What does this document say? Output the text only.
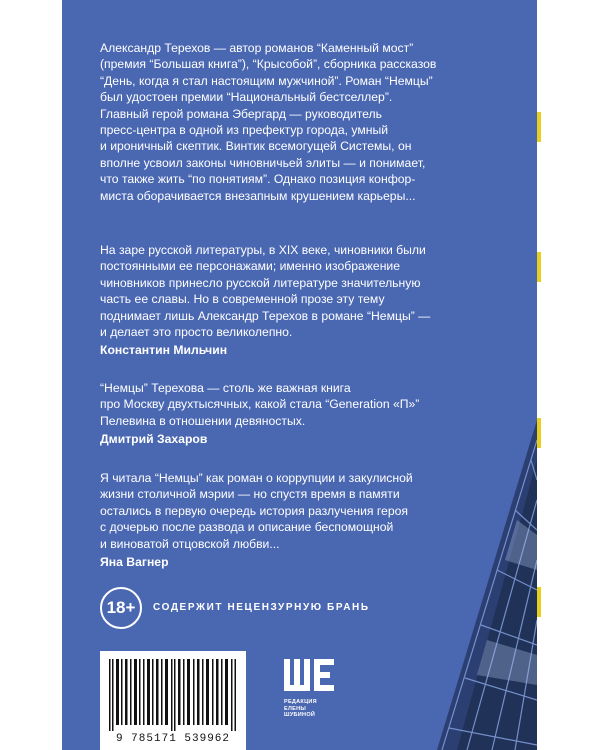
Александр Терехов — автор романов “Каменный мост”
(премия “Большая книга”), “Крысобой”, сборника рассказов
“День, когда я стал настоящим мужчиной”. Роман “Немцы”
был удостоен премии “Национальный бестселлер”.
Главный герой романа Эбергард — руководитель
пресс-центра в одной из префектур города, умный
и ироничный скептик. Винтик всемогущей Системы, он
вполне усвоил законы чиновничьей элиты — и понимает,
что также жить “по понятиям”. Однако позиция конфор-
миста оборачивается внезапным крушением карьеры...

На заре русской литературы, в XIX веке, чиновники были
постоянными ее персонажами; именно изображение
чиновников принесло русской литературе значительную
часть ее славы. Но в современной прозе эту тему
поднимает лишь Александр Терехов в романе “Немцы” —
и делает это просто великолепно.

Константин Мильчин

“Немцы” Терехова — столь же важная книга
про Москву двухтысячных, какой стала “Generation «П»”
Пелевина в отношении девяностых.

Дмитрий Захаров

Я читала “Немцы” как роман о коррупции и закулисной
жизни столичной мэрии — но спустя время в памяти
остались в первую очередь история разлучения героя
с дочерью после развода и описание беспомощной
и виноватой отцовской любви...

Яна Вагнер
18+	СОДЕРЖИТ НЕЦЕНЗУРНУЮ БРАНЬ
9 785171 539962
РЕДАКЦИЯ
ЕЛЕНЫ ШУБИНОЙ
